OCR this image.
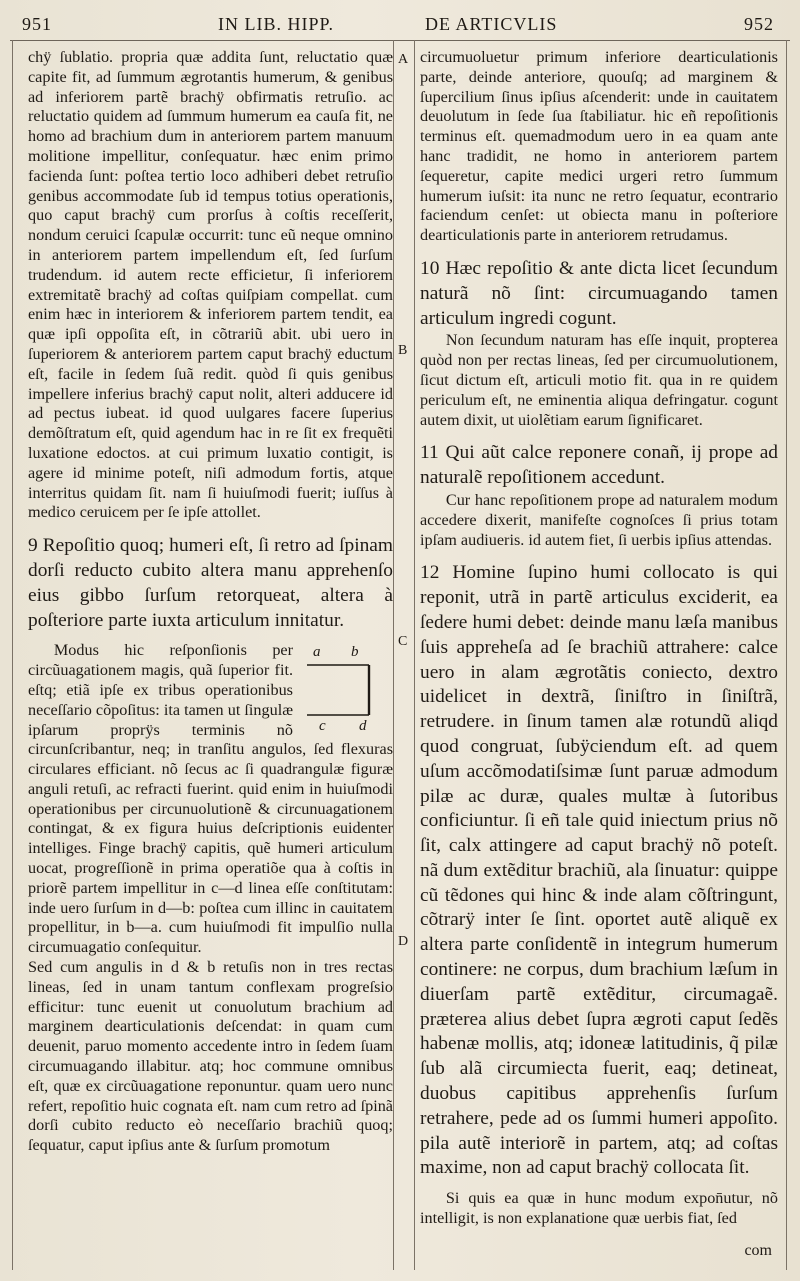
951	IN LIB. HIPP.	DE ARTICVLIS	952
A
B
C
D

chÿ ſublatio. propria quæ addita ſunt, reluctatio quæ capite fit, ad ſummum ægrotantis humerum, & genibus ad inferiorem partẽ brachÿ obfirmatis retruſio. ac reluctatio quidem ad ſummum humerum ea cauſa fit, ne homo ad brachium dum in anteriorem partem manuum molitione impellitur, conſequatur. hæc enim primo facienda ſunt: poſtea tertio loco adhiberi debet retruſio genibus accommodate ſub id tempus totius operationis, quo caput brachÿ cum prorſus à coſtis receſſerit, nondum ceruici ſcapulæ occurrit: tunc eũ neque omnino in anteriorem partem impellendum eſt, ſed ſurſum trudendum. id autem recte efficietur, ſi inferiorem extremitatẽ brachÿ ad coſtas quiſpiam compellat. cum enim hæc in interiorem & inferiorem partem tendit, ea quæ ipſi oppoſita eſt, in cõtrariũ abit. ubi uero in ſuperiorem & anteriorem partem caput brachÿ eductum eſt, facile in ſedem ſuã redit. quòd ſi quis genibus impellere inferius brachÿ caput nolit, alteri adducere id ad pectus iubeat. id quod uulgares facere ſuperius demõſtratum eſt, quid agendum hac in re ſit ex frequẽti luxatione edoctos. at cui primum luxatio contigit, is agere id minime poteſt, niſi admodum fortis, atque interritus quidam ſit. nam ſi huiuſmodi fuerit; iuſſus à medico ceruicem per ſe ipſe attollet.

9 Repoſitio quoq; humeri eſt, ſi retro ad ſpinam dorſi reducto cubito altera manu apprehenſo eius gibbo ſurſum retorqueat, altera à poſteriore parte iuxta articulum innitatur.

a b
c d

Modus hic reſponſionis per circũuagationem magis, quã ſuperior fit. eſtq; etiã ipſe ex tribus operationibus neceſſario cõpoſitus: ita tamen ut ſingulæ ipſarum proprÿs terminis nõ circunſcribantur, neq; in tranſitu angulos, ſed flexuras circulares efficiant. nõ ſecus ac ſi quadrangulæ figuræ anguli retuſi, ac refracti fuerint. quid enim in huiuſmodi operationibus per circunuolutionẽ & circunuagationem contingat, & ex figura huius deſcriptionis euidenter intelliges. Finge brachÿ capitis, quẽ humeri articulum uocat, progreſſionẽ in prima operatiõe qua à coſtis in priorẽ partem impellitur in c—d linea eſſe conſtitutam: inde uero ſurſum in d—b: poſtea cum illinc in cauitatem propellitur, in b—a. cum huiuſmodi fit impulſio nulla circumuagatio conſequitur.

Sed cum angulis in d & b retuſis non in tres rectas lineas, ſed in unam tantum conflexam progreſsio efficitur: tunc euenit ut conuolutum brachium ad marginem dearticulationis deſcendat: in quam cum deuenit, paruo momento accedente intro in ſedem ſuam circumuagando illabitur. atq; hoc commune omnibus eſt, quæ ex circũuagatione reponuntur. quam uero nunc refert, repoſitio huic cognata eſt. nam cum retro ad ſpinã dorſi cubito reducto eò neceſſario brachiũ quoq; ſequatur, caput ipſius ante & ſurſum promotum

circumuoluetur primum inferiore dearticulationis parte, deinde anteriore, quouſq; ad marginem & ſupercilium ſinus ipſius aſcenderit: unde in cauitatem deuolutum in ſede ſua ſtabiliatur. hic eñ repoſitionis terminus eſt. quemadmodum uero in ea quam ante hanc tradidit, ne homo in anteriorem partem ſequeretur, capite medici urgeri retro ſummum humerum iuſsit: ita nunc ne retro ſequatur, econtrario faciendum cenſet: ut obiecta manu in poſteriore dearticulationis parte in anteriorem retrudamus.

10 Hæc repoſitio & ante dicta licet ſecundum naturã nõ ſint: circumuagando tamen articulum ingredi cogunt.

Non ſecundum naturam has eſſe inquit, propterea quòd non per rectas lineas, ſed per circumuolutionem, ſicut dictum eſt, articuli motio fit. qua in re quidem periculum eſt, ne eminentia aliqua defringatur. cogunt autem dixit, ut uiolẽtiam earum ſignificaret.

11 Qui aũt calce reponere conañ, ij prope ad naturalẽ repoſitionem accedunt.

Cur hanc repoſitionem prope ad naturalem modum accedere dixerit, manifeſte cognoſces ſi prius totam ipſam audiueris. id autem fiet, ſi uerbis ipſius attendas.

12 Homine ſupino humi collocato is qui reponit, utrã in partẽ articulus exciderit, ea ſedere humi debet: deinde manu læſa manibus ſuis appreheſa ad ſe brachiũ attrahere: calce uero in alam ægrotãtis coniecto, dextro uidelicet in dextrã, ſiniſtro in ſiniſtrã, retrudere. in ſinum tamen alæ rotundũ aliqd quod congruat, ſubÿciendum eſt. ad quem uſum accõmodatiſsimæ ſunt paruæ admodum pilæ ac duræ, quales multæ à ſutoribus conficiuntur. ſi eñ tale quid iniectum prius nõ ſit, calx attingere ad caput brachÿ nõ poteſt. nã dum extẽditur brachiũ, ala ſinuatur: quippe cũ tẽdones qui hinc & inde alam cõſtringunt, cõtrarÿ inter ſe ſint. oportet autẽ aliquẽ ex altera parte conſidentẽ in integrum humerum continere: ne corpus, dum brachium læſum in diuerſam partẽ extẽditur, circumagaẽ. præterea alius debet ſupra ægroti caput ſedẽs habenæ mollis, atq; idoneæ latitudinis, q̃ pilæ ſub alã circumiecta fuerit, eaq; detineat, duobus capitibus apprehenſis ſurſum retrahere, pede ad os ſummi humeri appoſito. pila autẽ interiorẽ in partem, atq; ad coſtas maxime, non ad caput brachÿ collocata ſit.

Si quis ea quæ in hunc modum expon̄utur, nõ intelligit, is non explanatione quæ uerbis fiat, ſed

com
